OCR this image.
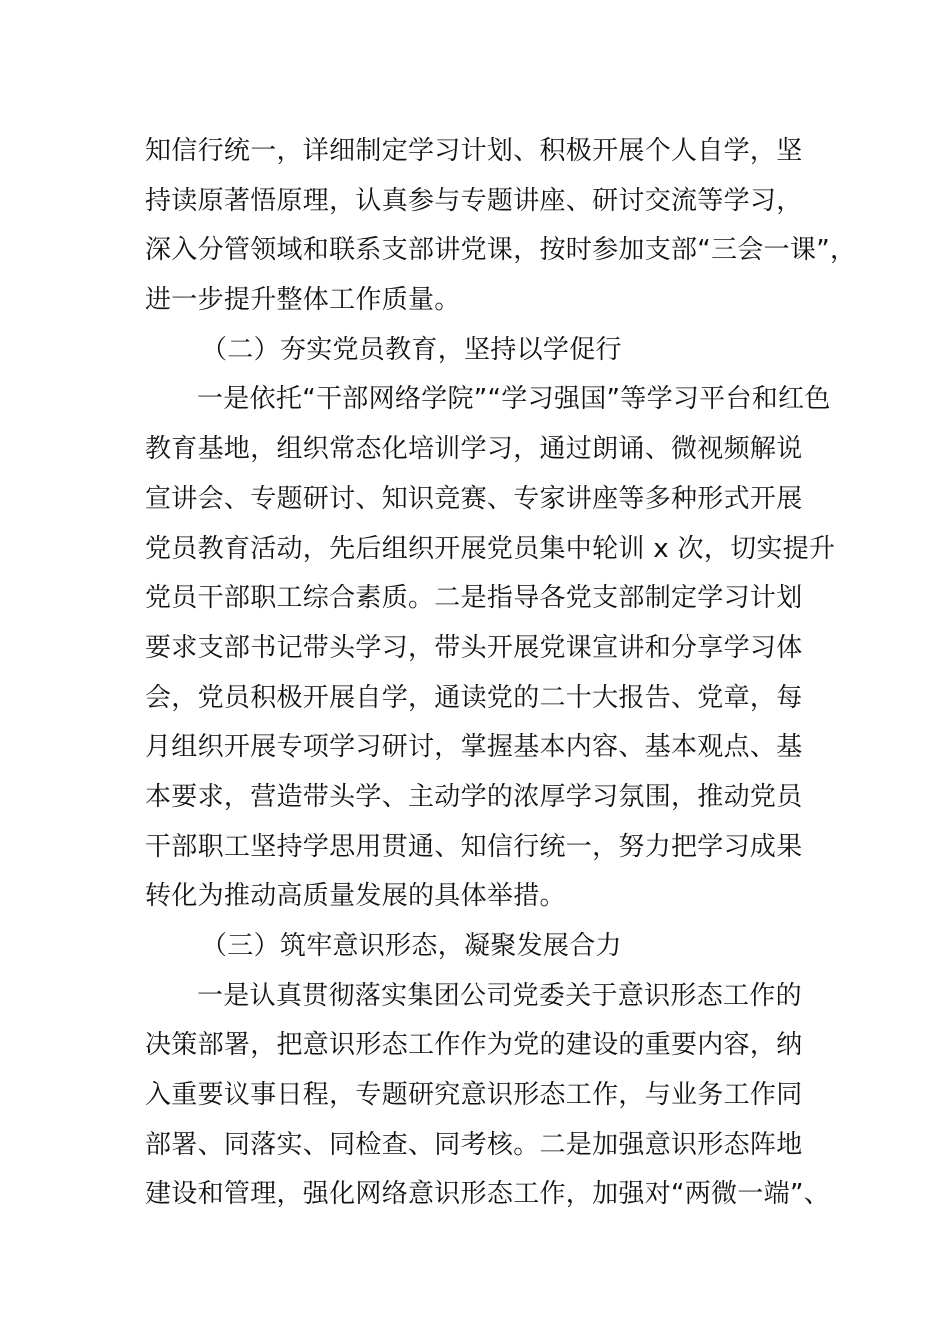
知信行统一，详细制定学习计划、积极开展个人自学，坚
持读原著悟原理，认真参与专题讲座、研讨交流等学习，
深入分管领域和联系支部讲党课，按时参加支部“三会一课”，
进一步提升整体工作质量。
（二）夯实党员教育，坚持以学促行
一是依托“干部网络学院”“学习强国”等学习平台和红色
教育基地，组织常态化培训学习，通过朗诵、微视频解说
宣讲会、专题研讨、知识竞赛、专家讲座等多种形式开展
党员教育活动，先后组织开展党员集中轮训 x 次，切实提升
党员干部职工综合素质。二是指导各党支部制定学习计划
要求支部书记带头学习，带头开展党课宣讲和分享学习体
会，党员积极开展自学，通读党的二十大报告、党章，每
月组织开展专项学习研讨，掌握基本内容、基本观点、基
本要求，营造带头学、主动学的浓厚学习氛围，推动党员
干部职工坚持学思用贯通、知信行统一，努力把学习成果
转化为推动高质量发展的具体举措。
（三）筑牢意识形态，凝聚发展合力
一是认真贯彻落实集团公司党委关于意识形态工作的
决策部署，把意识形态工作作为党的建设的重要内容，纳
入重要议事日程，专题研究意识形态工作，与业务工作同
部署、同落实、同检查、同考核。二是加强意识形态阵地
建设和管理，强化网络意识形态工作，加强对“两微一端”、
